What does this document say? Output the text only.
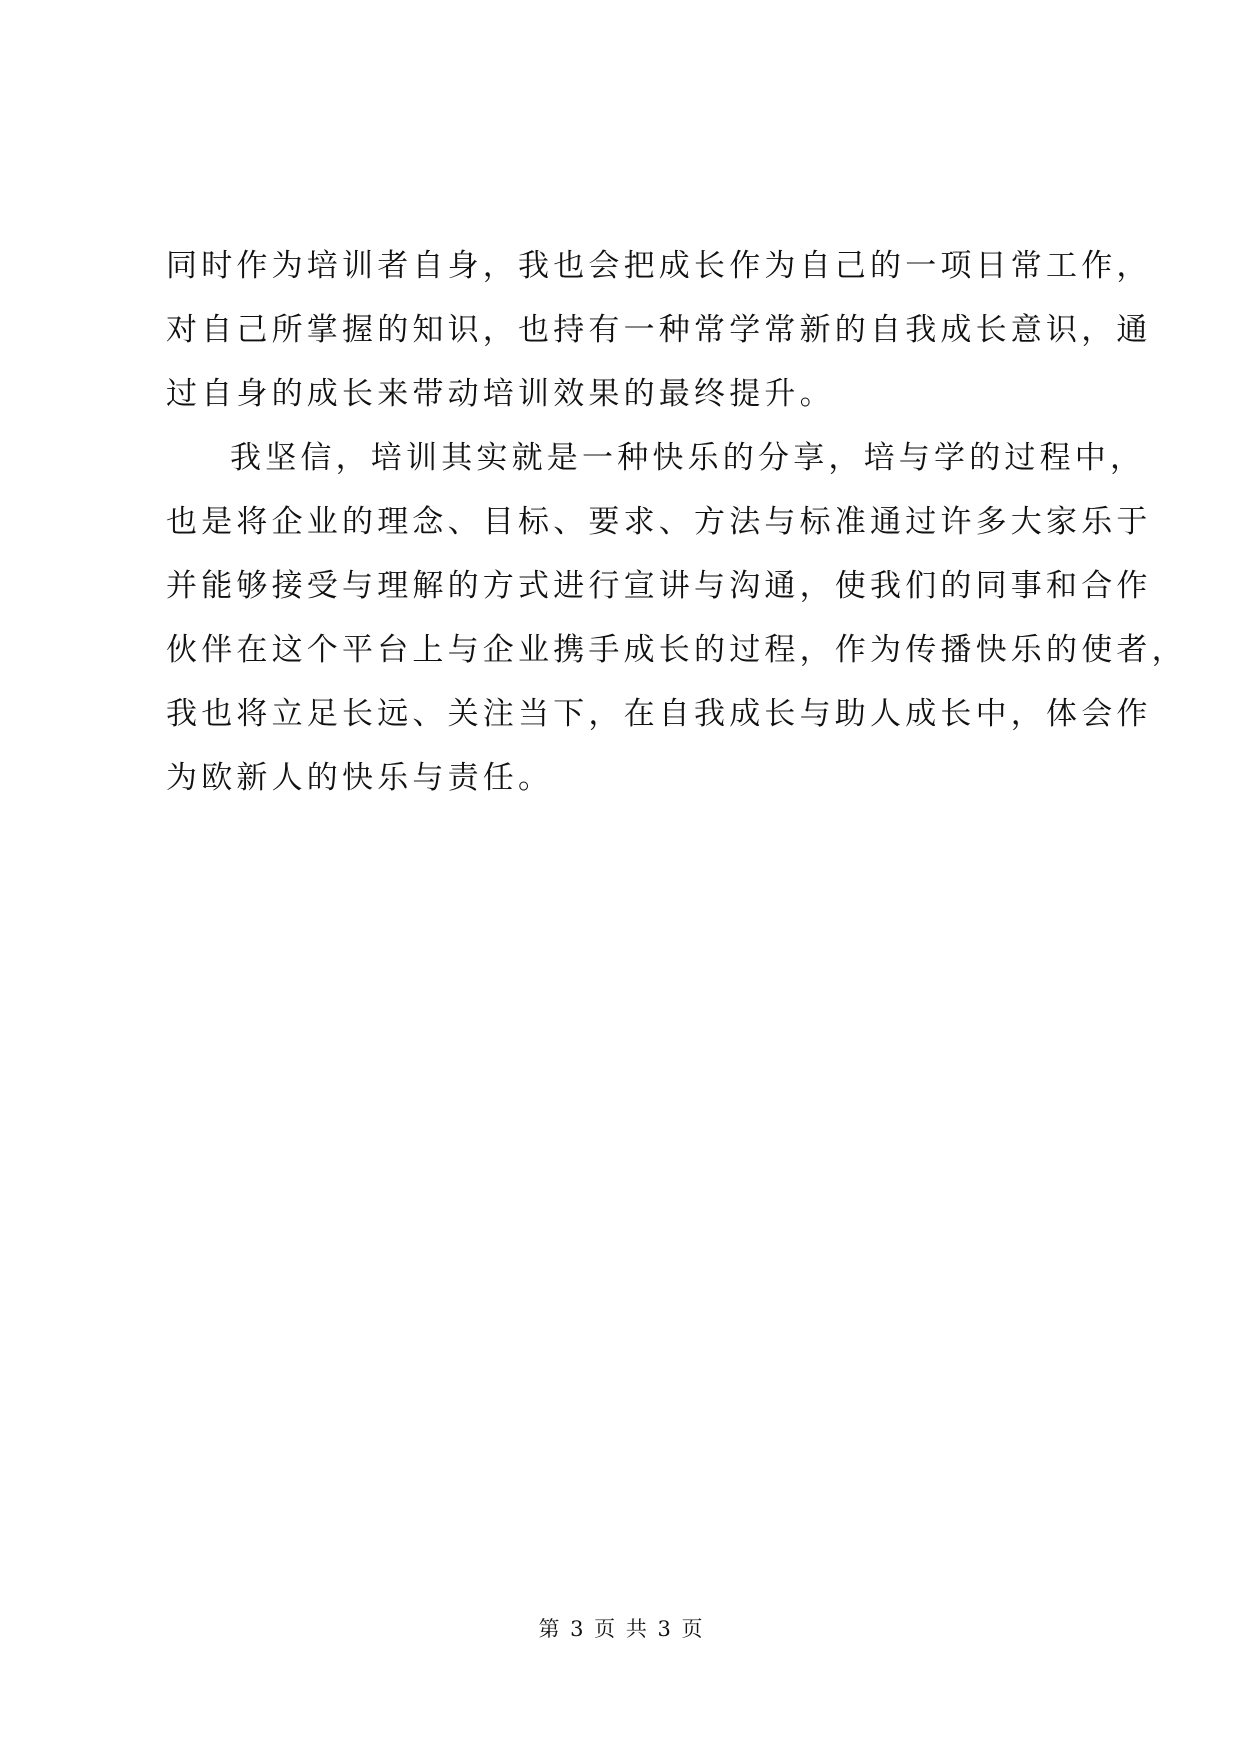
同时作为培训者自身，我也会把成长作为自己的一项日常工作，
对自己所掌握的知识，也持有一种常学常新的自我成长意识，通
过自身的成长来带动培训效果的最终提升。
我坚信，培训其实就是一种快乐的分享，培与学的过程中，
也是将企业的理念、目标、要求、方法与标准通过许多大家乐于
并能够接受与理解的方式进行宣讲与沟通，使我们的同事和合作
伙伴在这个平台上与企业携手成长的过程，作为传播快乐的使者，
我也将立足长远、关注当下，在自我成长与助人成长中，体会作
为欧新人的快乐与责任。
第 3 页 共 3 页
